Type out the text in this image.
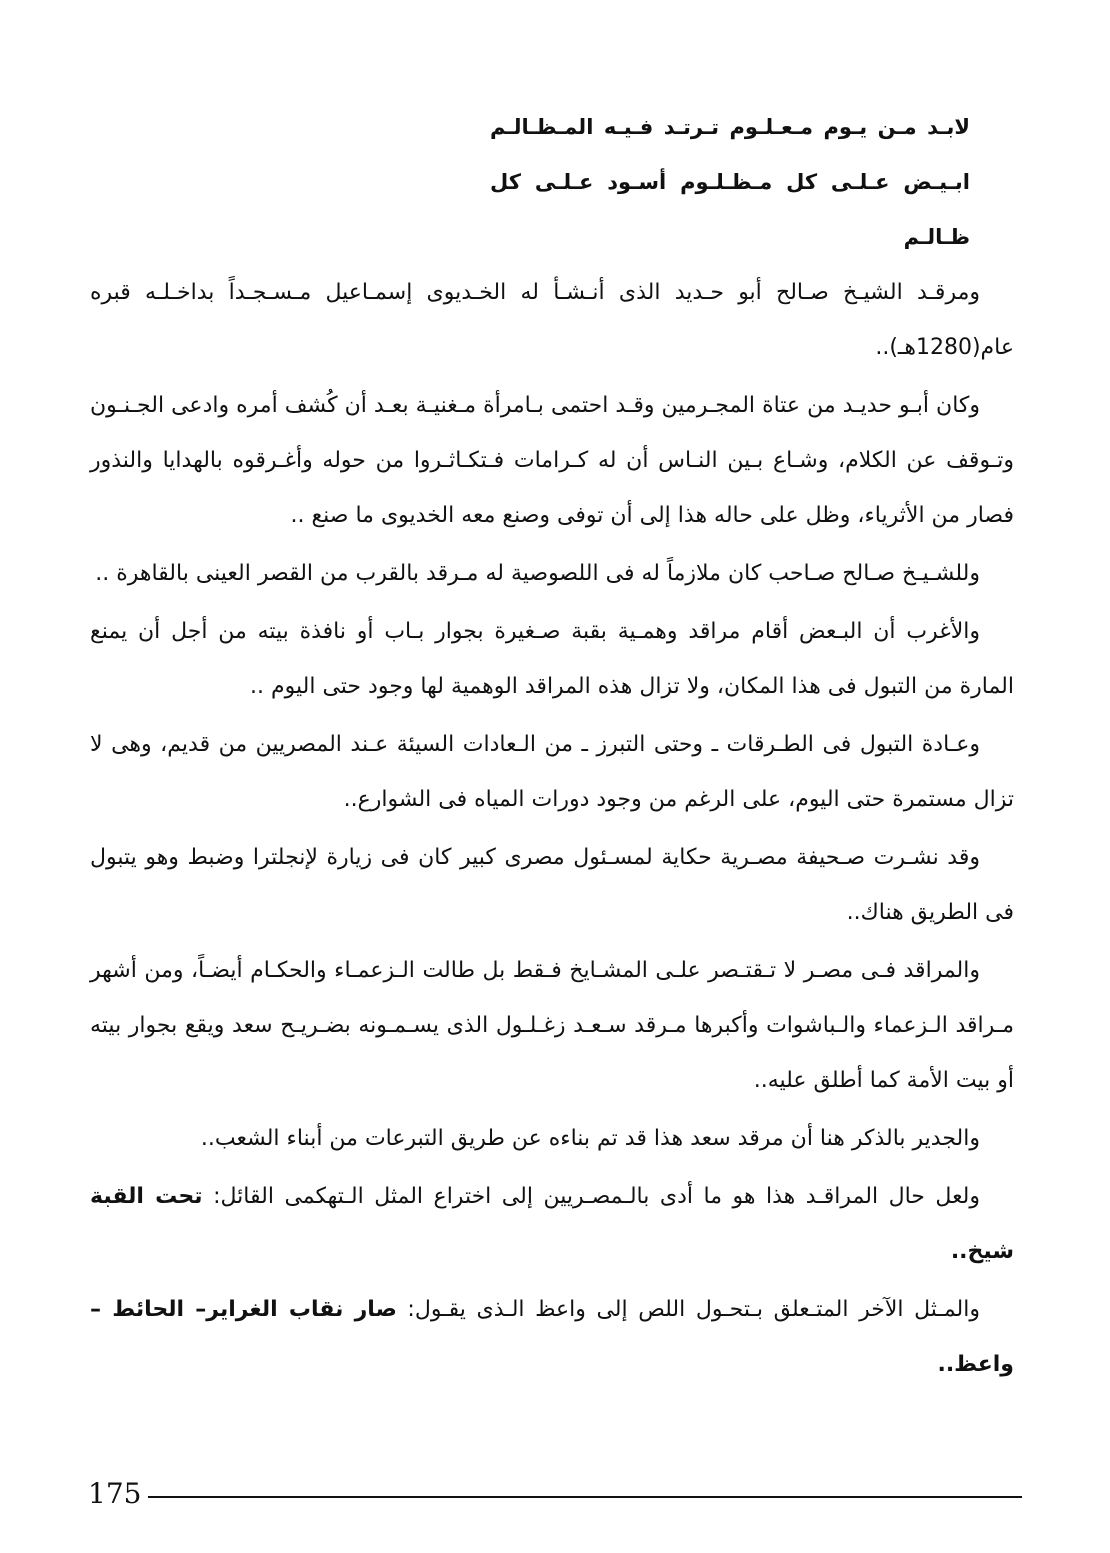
لابـد مـن يـوم مـعـلـوم تـرتـد فـيـه المـظـالـم
ابـيـض عـلـى كل مـظـلـوم أسـود عـلـى كل ظـالـم

ومرقـد الشيـخ صـالح أبو حـديد الذى أنـشـأ له الخـديوى إسمـاعيل مـسـجـداً بداخـلـه قبره عام(1280هـ)..

وكان أبـو حديـد من عتاة المجـرمين وقـد احتمى بـامرأة مـغنيـة بعـد أن كُشف أمره وادعى الجـنـون وتـوقف عن الكلام، وشـاع بـين النـاس أن له كـرامات فـتكـاثـروا من حوله وأغـرقوه بالهدايا والنذور فصار من الأثرياء، وظل على حاله هذا إلى أن توفى وصنع معه الخديوى ما صنع ..

وللشـيـخ صـالح صـاحب كان ملازماً له فى اللصوصية له مـرقد بالقرب من القصر العينى بالقاهرة ..

والأغرب أن البـعض أقام مراقد وهمـية بقبة صـغيرة بجوار بـاب أو نافذة بيته من أجل أن يمنع المارة من التبول فى هذا المكان، ولا تزال هذه المراقد الوهمية لها وجود حتى اليوم ..

وعـادة التبول فى الطـرقات ـ وحتى التبرز ـ من الـعادات السيئة عـند المصريين من قديم، وهى لا تزال مستمرة حتى اليوم، على الرغم من وجود دورات المياه فى الشوارع..

وقد نشـرت صـحيفة مصـرية حكاية لمسـئول مصرى كبير كان فى زيارة لإنجلترا وضبط وهو يتبول فى الطريق هناك..

والمراقد فـى مصـر لا تـقتـصر علـى المشـايخ فـقط بل طالت الـزعمـاء والحكـام أيضـاً، ومن أشهر مـراقد الـزعماء والـباشوات وأكبرها مـرقد سـعـد زغـلـول الذى يسـمـونه بضـريـح سعد ويقع بجوار بيته أو بيت الأمة كما أطلق عليه..

والجدير بالذكر هنا أن مرقد سعد هذا قد تم بناءه عن طريق التبرعات من أبناء الشعب..

ولعل حال المراقـد هذا هو ما أدى بالـمصـريين إلى اختراع المثل الـتهكمى القائل: تحت القبة شيخ..

والمـثل الآخر المتـعلق بـتحـول اللص إلى واعظ الـذى يقـول: صار نقاب الغراير– الحائط – واعظ..

175
